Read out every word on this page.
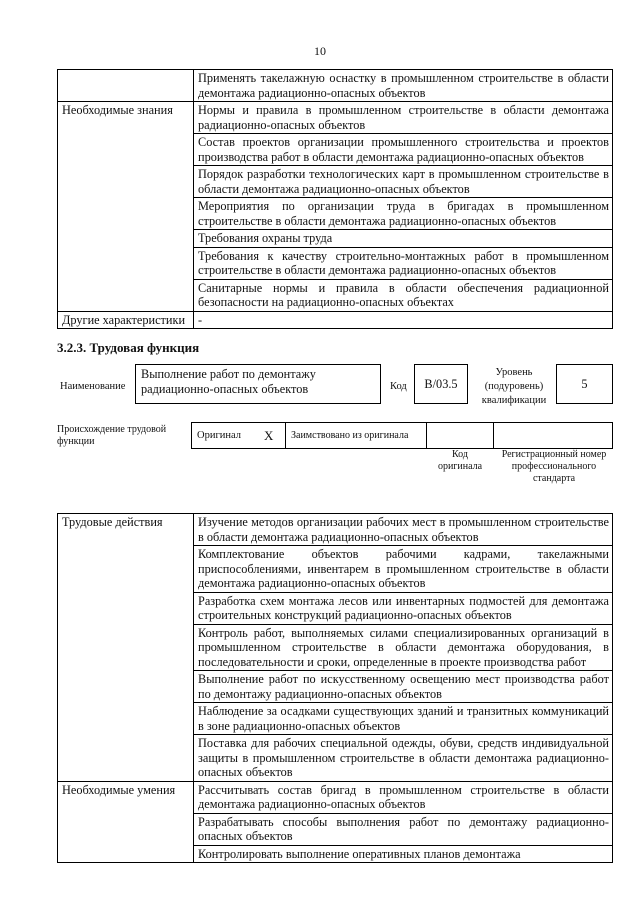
10
	Применять такелажную оснастку в промышленном строительстве в области демонтажа радиационно-опасных объектов
Необходимые знания	Нормы и правила в промышленном строительстве в области демонтажа радиационно-опасных объектов
	Состав проектов организации промышленного строительства и проектов производства работ в области демонтажа радиационно-опасных объектов
	Порядок разработки технологических карт в промышленном строительстве в области демонтажа радиационно-опасных объектов
	Мероприятия по организации труда в бригадах в промышленном строительстве в области демонтажа радиационно-опасных объектов
	Требования охраны труда
	Требования к качеству строительно-монтажных работ в промышленном строительстве в области демонтажа радиационно-опасных объектов
	Санитарные нормы и правила в области обеспечения радиационной безопасности на радиационно-опасных объектах
Другие характеристики	-
3.2.3. Трудовая функция
Наименование
Выполнение работ по демонтажу радиационно-опасных объектов	Код	В/03.5
Уровень (подуровень) квалификации
5
Происхождение трудовой функции
Оригинал X Заимствовано из оригинала
Код оригинала
Регистрационный номер профессионального стандарта
Трудовые действия	Изучение методов организации рабочих мест в промышленном строительстве в области демонтажа радиационно-опасных объектов
	Комплектование объектов рабочими кадрами, такелажными приспособлениями, инвентарем в промышленном строительстве в области демонтажа радиационно-опасных объектов
	Разработка схем монтажа лесов или инвентарных подмостей для демонтажа строительных конструкций радиационно-опасных объектов
	Контроль работ, выполняемых силами специализированных организаций в промышленном строительстве в области демонтажа оборудования, в последовательности и сроки, определенные в проекте производства работ
	Выполнение работ по искусственному освещению мест производства работ по демонтажу радиационно-опасных объектов
	Наблюдение за осадками существующих зданий и транзитных коммуникаций в зоне радиационно-опасных объектов
	Поставка для рабочих специальной одежды, обуви, средств индивидуальной защиты в промышленном строительстве в области демонтажа радиационно-опасных объектов
Необходимые умения	Рассчитывать состав бригад в промышленном строительстве в области демонтажа радиационно-опасных объектов
	Разрабатывать способы выполнения работ по демонтажу радиационно-опасных объектов
	Контролировать выполнение оперативных планов демонтажа
